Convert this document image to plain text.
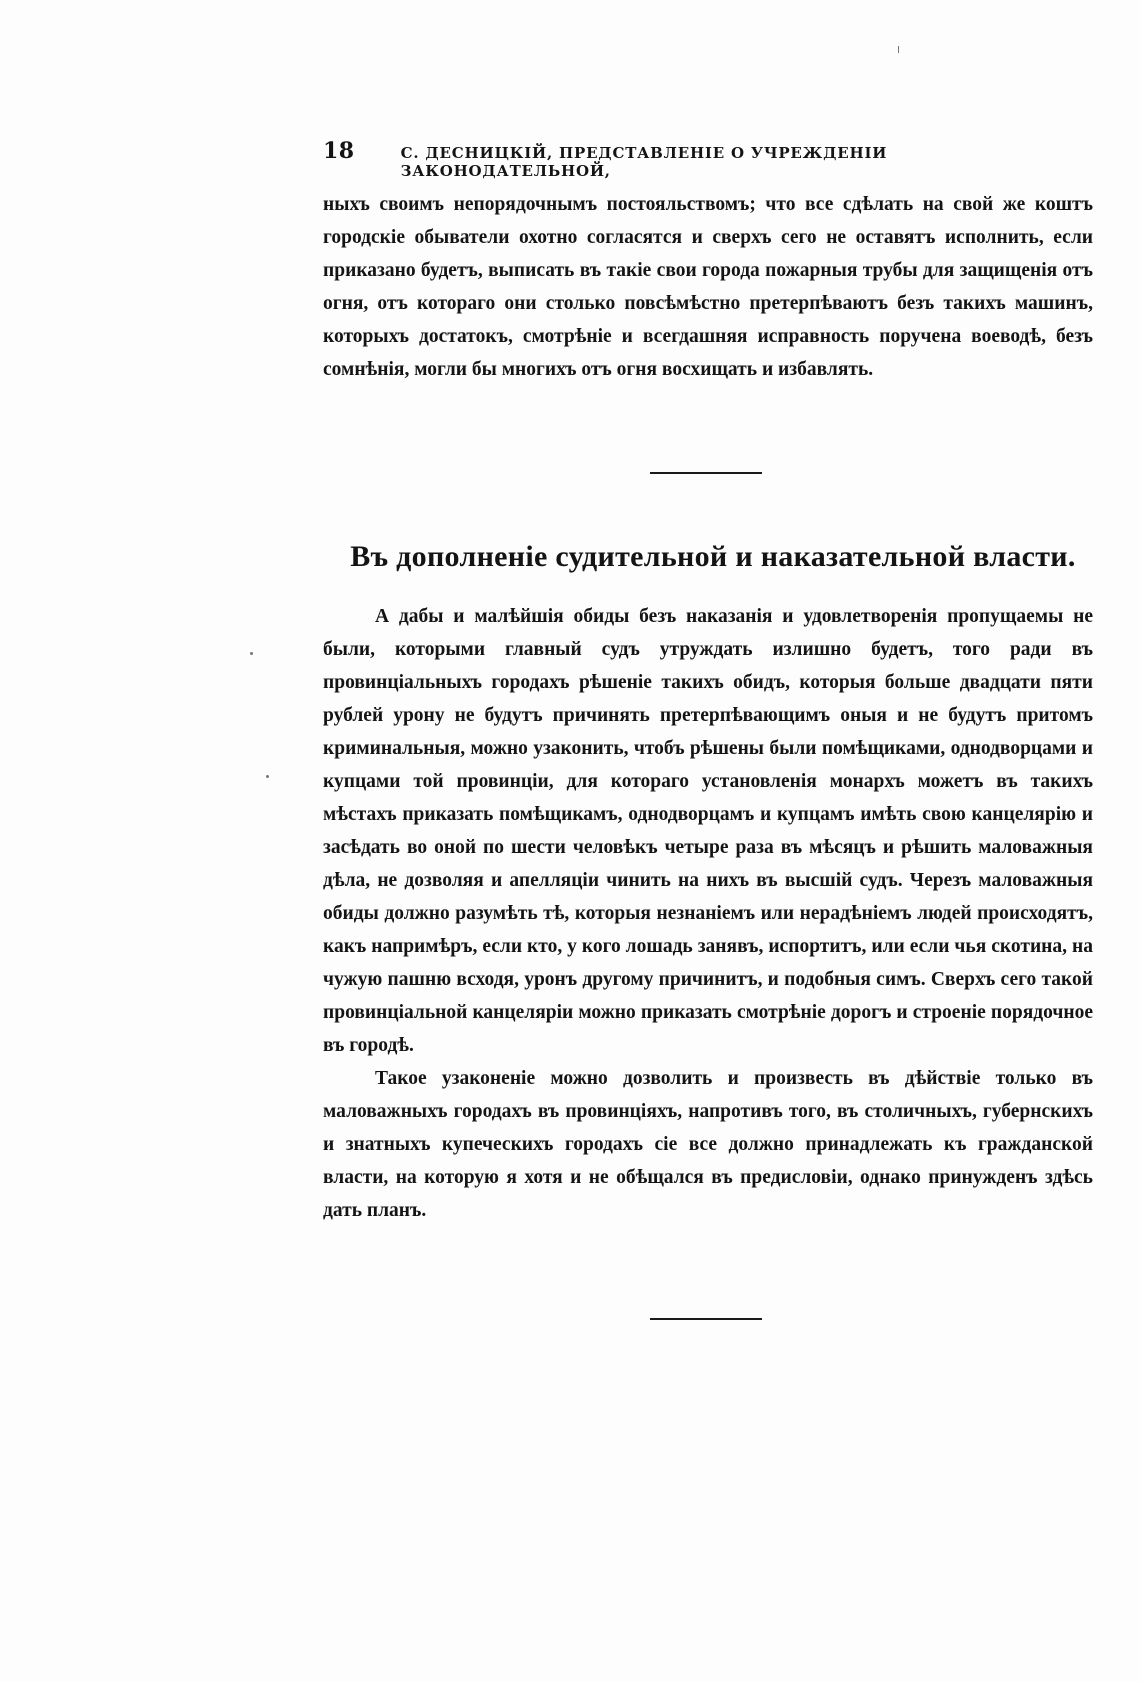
18	С. ДЕСНИЦКІЙ, ПРЕДСТАВЛЕНІЕ О УЧРЕЖДЕНІИ ЗАКОНОДАТЕЛЬНОЙ,

ныхъ своимъ непорядочнымъ постояльствомъ; что все сдѣлать на свой же коштъ городскіе обыватели охотно согласятся и сверхъ сего не оставятъ исполнить, если приказано будетъ, выписать въ такіе свои города пожарныя трубы для защищенія отъ огня, отъ котораго они столько повсѣмѣстно претерпѣваютъ безъ такихъ машинъ, которыхъ достатокъ, смотрѣніе и всегдашняя исправность поручена воеводѣ, безъ сомнѣнія, могли бы многихъ отъ огня восхищать и избавлять.

Въ дополненіе судительной и наказательной власти.

А дабы и малѣйшія обиды безъ наказанія и удовлетворенія пропущаемы не были, которыми главный судъ утруждать излишно будетъ, того ради въ провинціальныхъ городахъ рѣшеніе такихъ обидъ, которыя больше двадцати пяти рублей урону не будутъ причинять претерпѣвающимъ оныя и не будутъ притомъ криминальныя, можно узаконить, чтобъ рѣшены были помѣщиками, однодворцами и купцами той провинціи, для котораго установленія монархъ можетъ въ такихъ мѣстахъ приказать помѣщикамъ, однодворцамъ и купцамъ имѣть свою канцелярію и засѣдать во оной по шести человѣкъ четыре раза въ мѣсяцъ и рѣшить маловажныя дѣла, не дозволяя и апелляціи чинить на нихъ въ высшій судъ. Черезъ маловажныя обиды должно разумѣть тѣ, которыя незнаніемъ или нерадѣніемъ людей происходятъ, какъ напримѣръ, если кто, у кого лошадь занявъ, испортитъ, или если чья скотина, на чужую пашню всходя, уронъ другому причинитъ, и подобныя симъ. Сверхъ сего такой провинціальной канцеляріи можно приказать смотрѣніе дорогъ и строеніе порядочное въ городѣ.

Такое узаконеніе можно дозволить и произвесть въ дѣйствіе только въ маловажныхъ городахъ въ провинціяхъ, напротивъ того, въ столичныхъ, губернскихъ и знатныхъ купеческихъ городахъ сіе все должно принадлежать къ гражданской власти, на которую я хотя и не обѣщался въ предисловіи, однако принужденъ здѣсь дать планъ.
